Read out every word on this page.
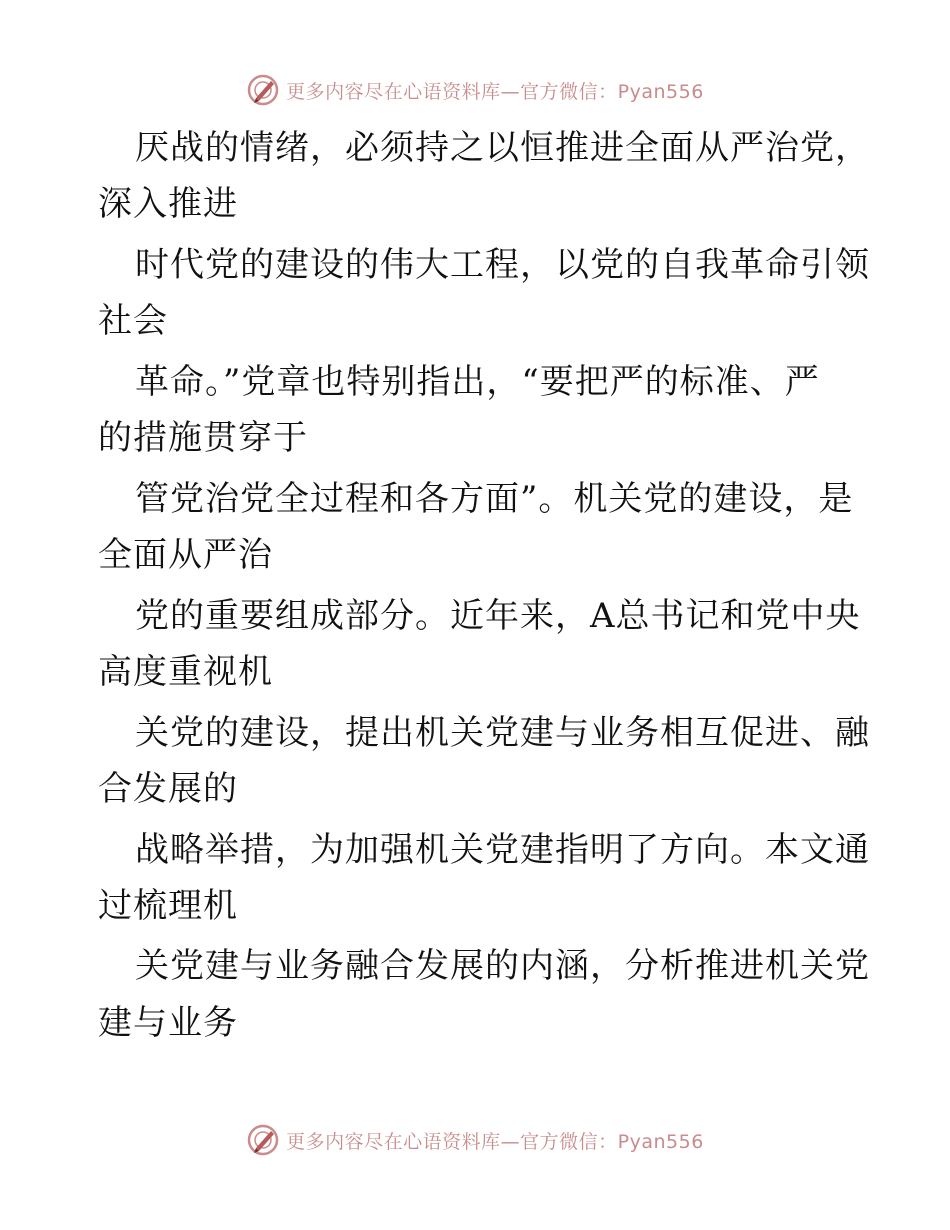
更多内容尽在心语资料库—官方微信：Pyan556
厌战的情绪，必须持之以恒推进全面从严治党，
深入推进
时代党的建设的伟大工程，以党的自我革命引领
社会
革命。”党章也特别指出，“要把严的标准、严
的措施贯穿于
管党治党全过程和各方面”。机关党的建设，是
全面从严治
党的重要组成部分。近年来，A总书记和党中央
高度重视机
关党的建设，提出机关党建与业务相互促进、融
合发展的
战略举措，为加强机关党建指明了方向。本文通
过梳理机
关党建与业务融合发展的内涵，分析推进机关党
建与业务
更多内容尽在心语资料库—官方微信：Pyan556
